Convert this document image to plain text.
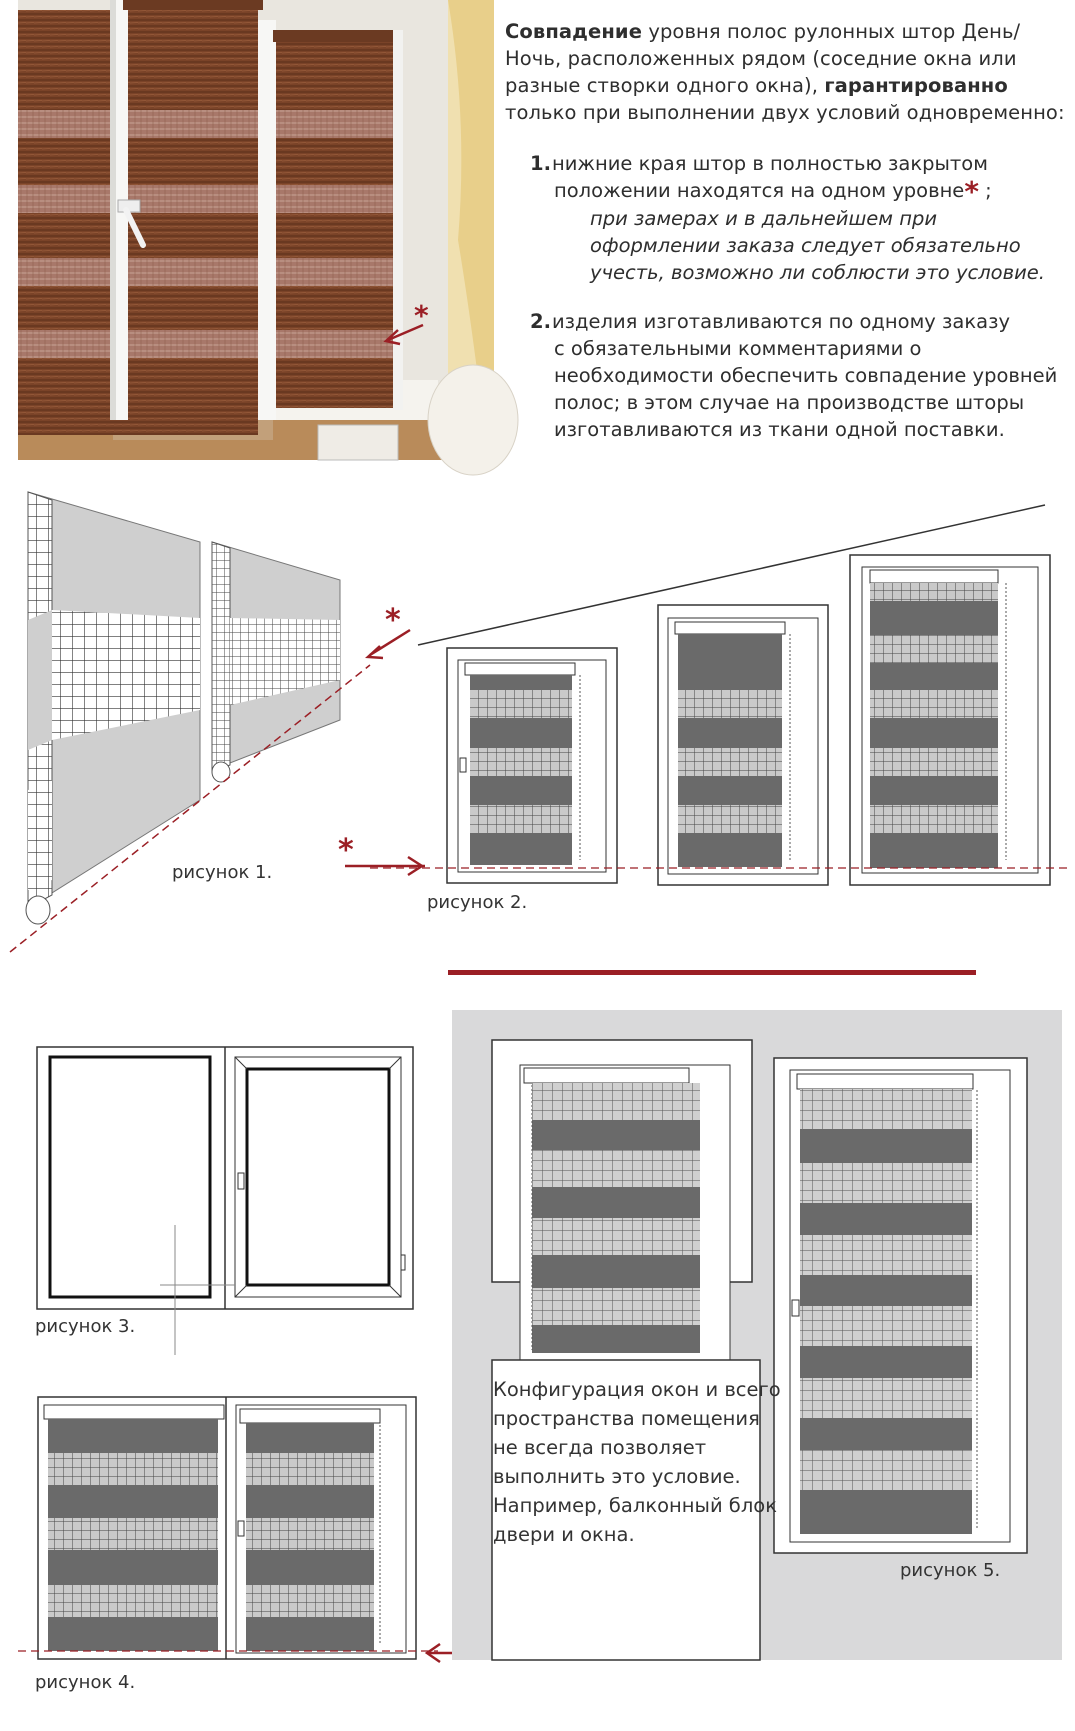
*
Совпадение уровня полос рулонных штор День/Ночь, расположенных рядом (соседние окна или разные створки одного окна), гарантированно только при выполнении двух условий одновременно:
1.нижние края штор в полностью закрытом
положении находятся на одном уровне* ;
при замерах и в дальнейшем при
оформлении заказа следует обязательно
учесть, возможно ли соблюсти это условие.
2.изделия изготавливаются по одному заказу
с обязательными комментариями о
необходимости обеспечить совпадение уровней
полос; в этом случае на производстве шторы
изготавливаются из ткани одной поставки.
*
рисунок 1.
*
рисунок 2.
рисунок 3.
рисунок 4.
Конфигурация окон и всего
пространства помещения
не всегда позволяет
выполнить это условие.
Например, балконный блок
двери и окна.
рисунок 5.
